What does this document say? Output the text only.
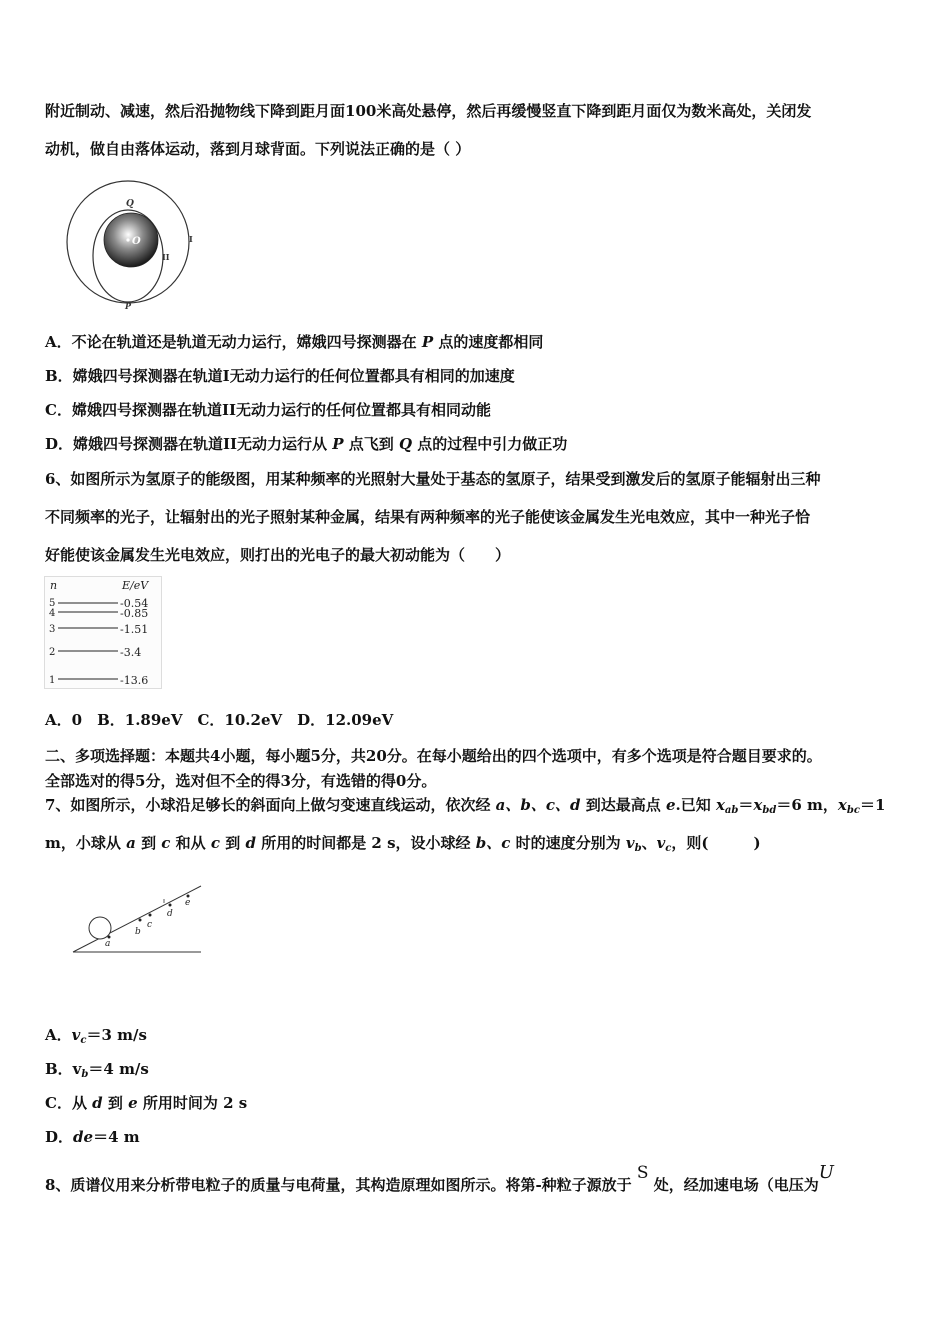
附近制动、减速，然后沿抛物线下降到距月面100米高处悬停，然后再缓慢竖直下降到距月面仅为数米高处，关闭发
动机，做自由落体运动，落到月球背面。下列说法正确的是（ ）
O
Q
I
II
P
A．不论在轨道还是轨道无动力运行，嫦娥四号探测器在 P 点的速度都相同
B．嫦娥四号探测器在轨道I无动力运行的任何位置都具有相同的加速度
C．嫦娥四号探测器在轨道II无动力运行的任何位置都具有相同动能
D．嫦娥四号探测器在轨道II无动力运行从 P 点飞到 Q 点的过程中引力做正功
6、如图所示为氢原子的能级图，用某种频率的光照射大量处于基态的氢原子，结果受到激发后的氢原子能辐射出三种
不同频率的光子，让辐射出的光子照射某种金属，结果有两种频率的光子能使该金属发生光电效应，其中一种光子恰
好能使该金属发生光电效应，则打出的光电子的最大初动能为（　　）
n	E/eV
5	-0.54
4	-0.85
3	-1.51
2	-3.4
1	-13.6
A．0　B．1.89eV　C．10.2eV　D．12.09eV
二、多项选择题：本题共4小题，每小题5分，共20分。在每小题给出的四个选项中，有多个选项是符合题目要求的。
全部选对的得5分，选对但不全的得3分，有选错的得0分。
7、如图所示，小球沿足够长的斜面向上做匀变速直线运动，依次经 a、b、c、d 到达最高点 e.已知 $x_{ab}=x_{bd}=6$ m，$x_{bc}=1$
m，小球从 a 到 c 和从 c 到 d 所用的时间都是 2 s，设小球经 b、c 时的速度分别为 $v_b$、$v_c$，则(　　　)
a
b
c
d
e
A．$v_c=3$ m/s
B．$v_b=4$ m/s
C．从 d 到 e 所用时间为 2 s
D．de＝4 m
8、质谱仪用来分析带电粒子的质量与电荷量，其构造原理如图所示。将第-种粒子源放于 S 处，经加速电场（电压为U
